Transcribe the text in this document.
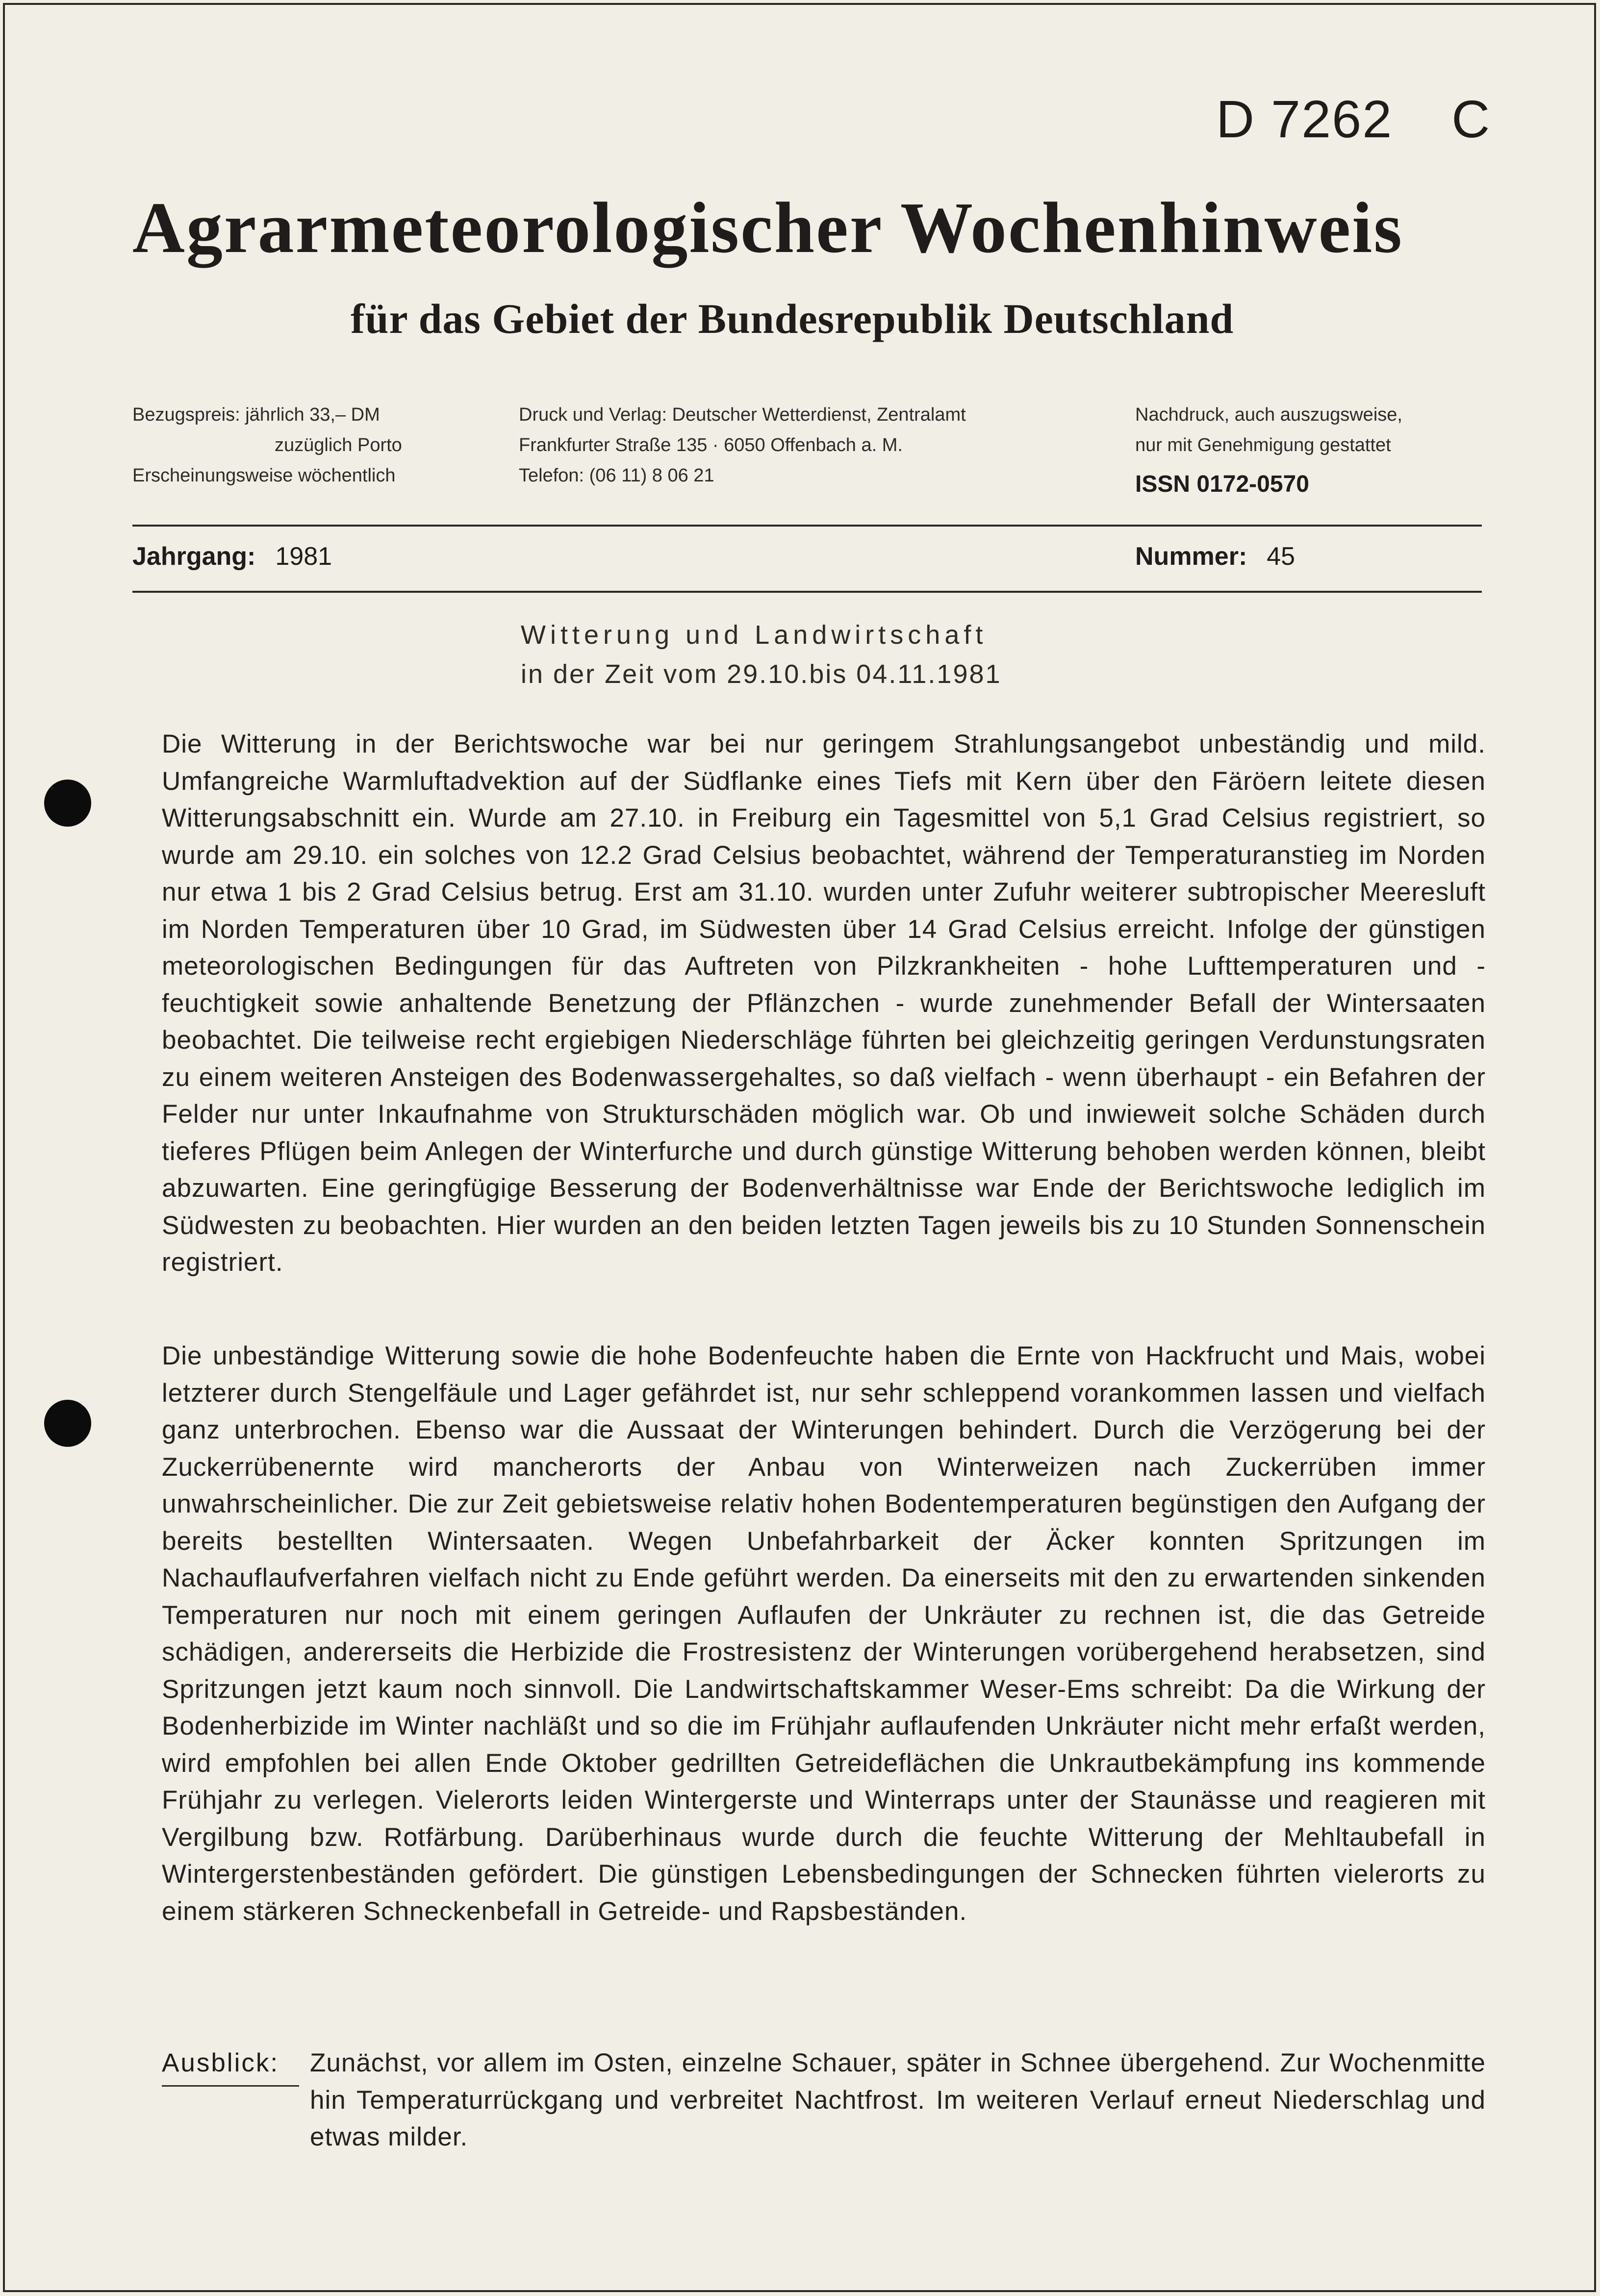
D 7262 C
Agrarmeteorologischer Wochenhinweis
für das Gebiet der Bundesrepublik Deutschland
Bezugspreis: jährlich 33,– DM

zuzüglich Porto
Erscheinungsweise wöchentlich
Druck und Verlag: Deutscher Wetterdienst, Zentralamt
Frankfurter Straße 135 · 6050 Offenbach a. M.
Telefon: (06 11) 8 06 21
Nachdruck, auch auszugsweise,
nur mit Genehmigung gestattet
ISSN 0172-0570
Jahrgang: 1981	Nummer: 45
Witterung und Landwirtschaft
in der Zeit vom 29.10.bis 04.11.1981
Die Witterung in der Berichtswoche war bei nur geringem Strahlungsangebot unbeständig und mild. Umfangreiche Warmluftadvektion auf der Südflanke eines Tiefs mit Kern über den Färöern leitete diesen Witterungsabschnitt ein. Wurde am 27.10. in Freiburg ein Tagesmittel von 5,1 Grad Celsius registriert, so wurde am 29.10. ein solches von 12.2 Grad Celsius beobachtet, während der Temperaturanstieg im Norden nur etwa 1 bis 2 Grad Celsius betrug. Erst am 31.10. wurden unter Zufuhr weiterer subtropischer Meeresluft im Norden Temperaturen über 10 Grad, im Südwesten über 14 Grad Celsius erreicht. Infolge der günstigen meteorologischen Bedingungen für das Auftreten von Pilzkrankheiten - hohe Lufttemperaturen und -feuchtigkeit sowie anhaltende Benetzung der Pflänzchen - wurde zunehmender Befall der Wintersaaten beobachtet. Die teilweise recht ergiebigen Niederschläge führten bei gleichzeitig geringen Verdunstungsraten zu einem weiteren Ansteigen des Bodenwassergehaltes, so daß vielfach - wenn überhaupt - ein Befahren der Felder nur unter Inkaufnahme von Strukturschäden möglich war. Ob und inwieweit solche Schäden durch tieferes Pflügen beim Anlegen der Winterfurche und durch günstige Witterung behoben werden können, bleibt abzuwarten. Eine geringfügige Besserung der Bodenverhältnisse war Ende der Berichtswoche lediglich im Südwesten zu beobachten. Hier wurden an den beiden letzten Tagen jeweils bis zu 10 Stunden Sonnenschein registriert.
Die unbeständige Witterung sowie die hohe Bodenfeuchte haben die Ernte von Hackfrucht und Mais, wobei letzterer durch Stengelfäule und Lager gefährdet ist, nur sehr schleppend vorankommen lassen und vielfach ganz unterbrochen. Ebenso war die Aussaat der Winterungen behindert. Durch die Verzögerung bei der Zuckerrübenernte wird mancherorts der Anbau von Winterweizen nach Zuckerrüben immer unwahrscheinlicher. Die zur Zeit gebietsweise relativ hohen Bodentemperaturen begünstigen den Aufgang der bereits bestellten Wintersaaten. Wegen Unbefahrbarkeit der Äcker konnten Spritzungen im Nachauflaufverfahren vielfach nicht zu Ende geführt werden. Da einerseits mit den zu erwartenden sinkenden Temperaturen nur noch mit einem geringen Auflaufen der Unkräuter zu rechnen ist, die das Getreide schädigen, andererseits die Herbizide die Frostresistenz der Winterungen vorübergehend herabsetzen, sind Spritzungen jetzt kaum noch sinnvoll. Die Landwirtschaftskammer Weser-Ems schreibt: Da die Wirkung der Bodenherbizide im Winter nachläßt und so die im Frühjahr auflaufenden Unkräuter nicht mehr erfaßt werden, wird empfohlen bei allen Ende Oktober gedrillten Getreideflächen die Unkrautbekämpfung ins kommende Frühjahr zu verlegen. Vielerorts leiden Wintergerste und Winterraps unter der Staunässe und reagieren mit Vergilbung bzw. Rotfärbung. Darüberhinaus wurde durch die feuchte Witterung der Mehltaubefall in Wintergerstenbeständen gefördert. Die günstigen Lebensbedingungen der Schnecken führten vielerorts zu einem stärkeren Schneckenbefall in Getreide- und Rapsbeständen.
Ausblick: Zunächst, vor allem im Osten, einzelne Schauer, später in Schnee übergehend. Zur Wochenmitte hin Temperaturrückgang und verbreitet Nachtfrost. Im weiteren Verlauf erneut Niederschlag und etwas milder.
